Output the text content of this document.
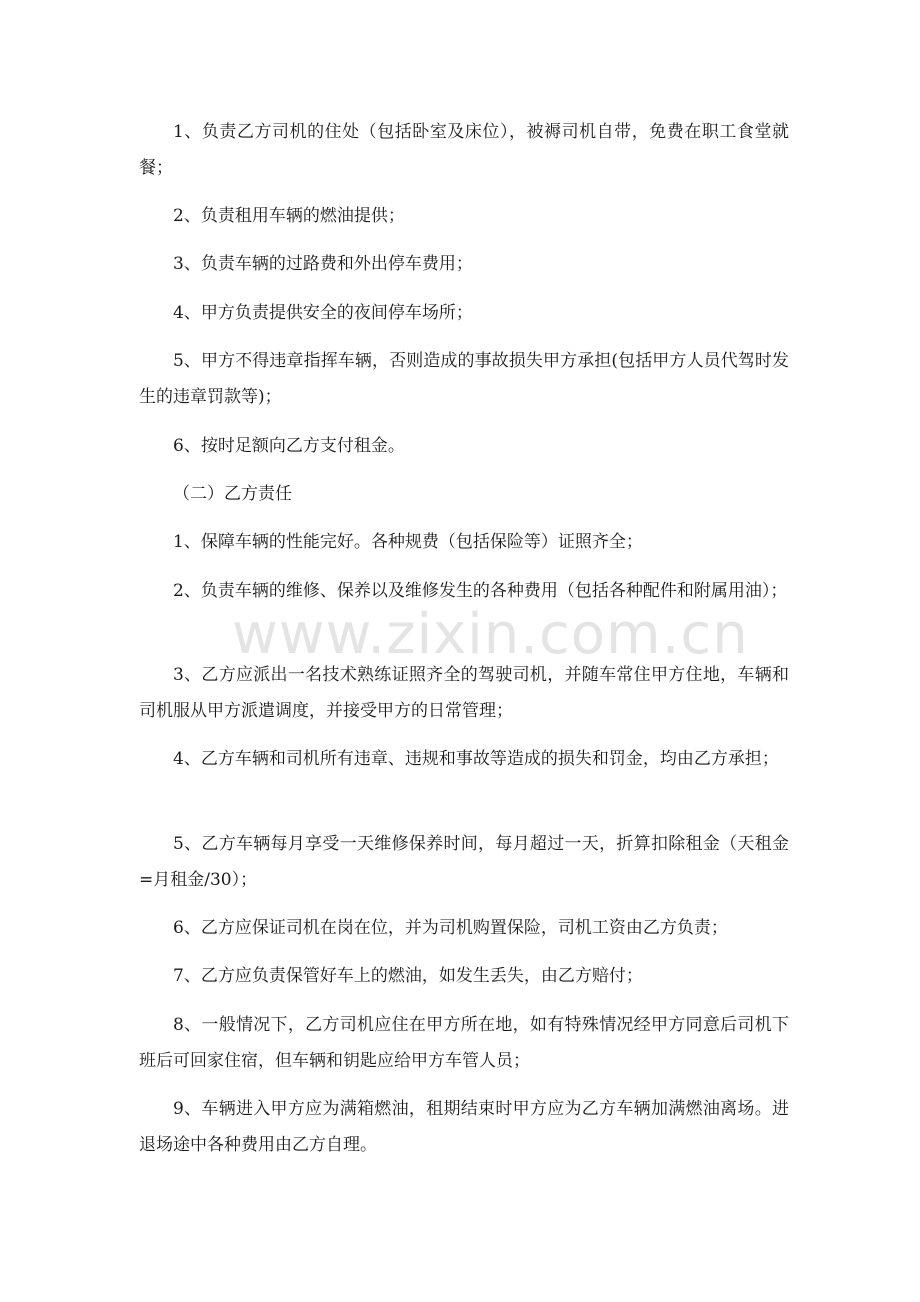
1、负责乙方司机的住处（包括卧室及床位），被褥司机自带，免费在职工食堂就餐；

2、负责租用车辆的燃油提供；

3、负责车辆的过路费和外出停车费用；

4、甲方负责提供安全的夜间停车场所；

5、甲方不得违章指挥车辆，否则造成的事故损失甲方承担(包括甲方人员代驾时发生的违章罚款等)；

6、按时足额向乙方支付租金。

（二）乙方责任

1、保障车辆的性能完好。各种规费（包括保险等）证照齐全；

2、负责车辆的维修、保养以及维修发生的各种费用（包括各种配件和附属用油）；

3、乙方应派出一名技术熟练证照齐全的驾驶司机，并随车常住甲方住地，车辆和司机服从甲方派遣调度，并接受甲方的日常管理；

4、乙方车辆和司机所有违章、违规和事故等造成的损失和罚金，均由乙方承担；

5、乙方车辆每月享受一天维修保养时间，每月超过一天，折算扣除租金（天租金=月租金/30）；

6、乙方应保证司机在岗在位，并为司机购置保险，司机工资由乙方负责；

7、乙方应负责保管好车上的燃油，如发生丢失，由乙方赔付；

8、一般情况下，乙方司机应住在甲方所在地，如有特殊情况经甲方同意后司机下班后可回家住宿，但车辆和钥匙应给甲方车管人员；

9、车辆进入甲方应为满箱燃油，租期结束时甲方应为乙方车辆加满燃油离场。进退场途中各种费用由乙方自理。

www.zixin.com.cn
